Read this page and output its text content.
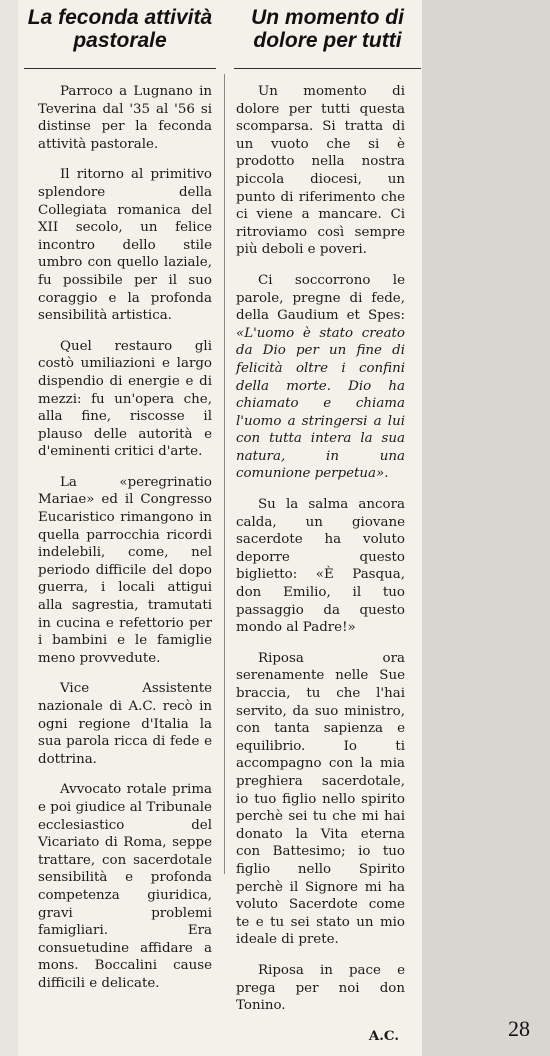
La feconda attività pastorale

Parroco a Lugnano in Teverina dal '35 al '56 si distinse per la feconda attività pastorale.

Il ritorno al primitivo splendore della Collegiata romanica del XII secolo, un felice incontro dello stile umbro con quello laziale, fu possibile per il suo coraggio e la profonda sensibilità artistica.

Quel restauro gli costò umiliazioni e largo dispendio di energie e di mezzi: fu un'opera che, alla fine, riscosse il plauso delle autorità e d'eminenti critici d'arte.

La «peregrinatio Mariae» ed il Congresso Eucaristico rimangono in quella parrocchia ricordi indelebili, come, nel periodo difficile del dopo guerra, i locali attigui alla sagrestia, tramutati in cucina e refettorio per i bambini e le famiglie meno provvedute.

Vice Assistente nazionale di A.C. recò in ogni regione d'Italia la sua parola ricca di fede e dottrina.

Avvocato rotale prima e poi giudice al Tribunale ecclesiastico del Vicariato di Roma, seppe trattare, con sacerdotale sensibilità e profonda competenza giuridica, gravi problemi famigliari. Era consuetudine affidare a mons. Boccalini cause difficili e delicate.

Un momento di dolore per tutti

Un momento di dolore per tutti questa scomparsa. Si tratta di un vuoto che si è prodotto nella nostra piccola diocesi, un punto di riferimento che ci viene a mancare. Ci ritroviamo così sempre più deboli e poveri.

Ci soccorrono le parole, pregne di fede, della Gaudium et Spes: «L'uomo è stato creato da Dio per un fine di felicità oltre i confini della morte. Dio ha chiamato e chiama l'uomo a stringersi a lui con tutta intera la sua natura, in una comunione perpetua».

Su la salma ancora calda, un giovane sacerdote ha voluto deporre questo biglietto: «È Pasqua, don Emilio, il tuo passaggio da questo mondo al Padre!»

Riposa ora serenamente nelle Sue braccia, tu che l'hai servito, da suo ministro, con tanta sapienza e equilibrio. Io ti accompagno con la mia preghiera sacerdotale, io tuo figlio nello spirito perchè sei tu che mi hai donato la Vita eterna con Battesimo; io tuo figlio nello Spirito perchè il Signore mi ha voluto Sacerdote come te e tu sei stato un mio ideale di prete.

Riposa in pace e prega per noi don Tonino.

A.C.	28
